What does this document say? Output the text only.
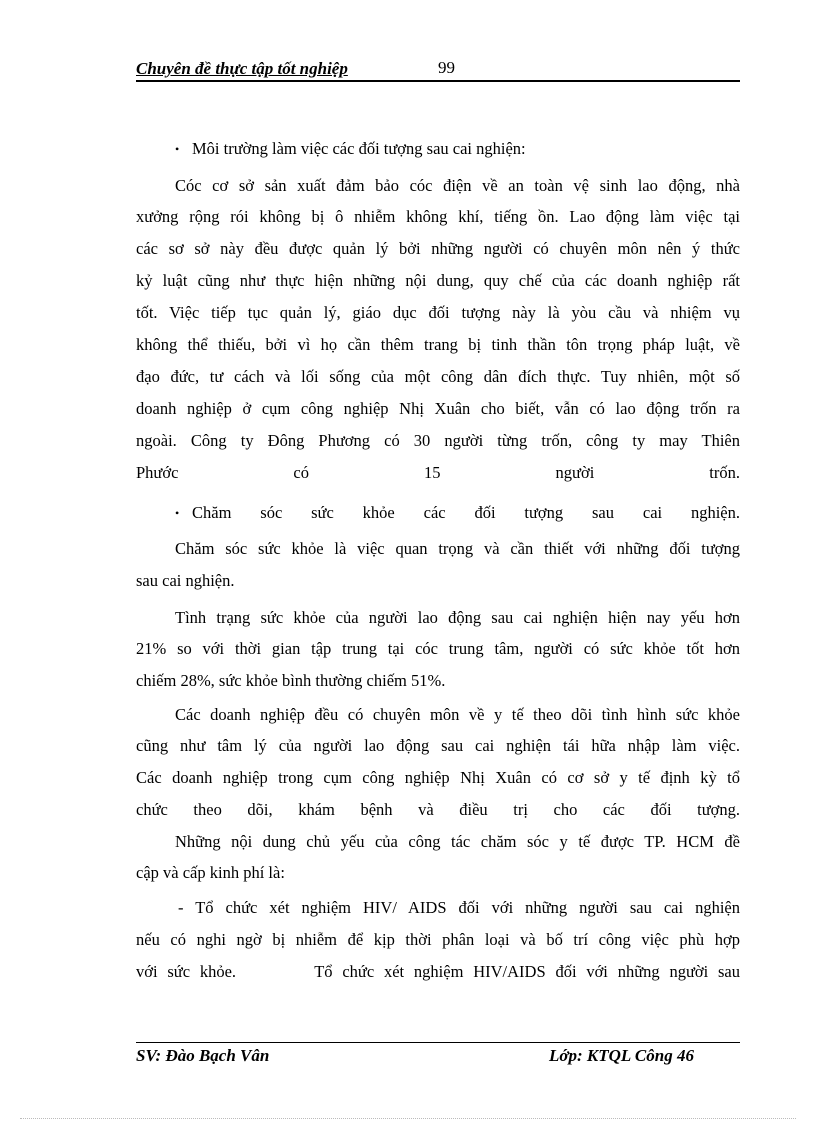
Chuyên đề thực tập tốt nghiệp	99
• Môi trường làm việc các đối tượng sau cai nghiện:
Cóc cơ sở sản xuất đảm bảo cóc điện về an toàn vệ sinh lao động, nhà
xưởng rộng rói không bị ô nhiễm không khí, tiếng ồn. Lao động làm việc tại
các sơ sở này đều được quản lý bởi những người có chuyên môn nên ý thức
kỷ luật cũng như thực hiện những nội dung, quy chế của các doanh nghiệp rất
tốt. Việc tiếp tục quản lý, giáo dục đối tượng này là yòu cầu và nhiệm vụ
không thể thiếu, bởi vì họ cần thêm trang bị tinh thần tôn trọng pháp luật, về
đạo đức, tư cách và lối sống của một công dân đích thực. Tuy nhiên, một số
doanh nghiệp ở cụm công nghiệp Nhị Xuân cho biết, vẫn có lao động trốn ra
ngoài. Công ty Đông Phương có 30 người từng trốn, công ty may Thiên
Phước có 15 người trốn.
• Chăm sóc sức khỏe các đối tượng sau cai nghiện.
Chăm sóc sức khỏe là việc quan trọng và cần thiết với những đối tượng
sau cai nghiện.
Tình trạng sức khỏe của người lao động sau cai nghiện hiện nay yếu hơn
21% so với thời gian tập trung tại cóc trung tâm, người có sức khỏe tốt hơn
chiếm 28%, sức khỏe bình thường chiếm 51%.
Các doanh nghiệp đều có chuyên môn về y tế theo dõi tình hình sức khỏe
cũng như tâm lý của người lao động sau cai nghiện tái hữa nhập làm việc.
Các doanh nghiệp trong cụm công nghiệp Nhị Xuân có cơ sở y tế định kỳ tổ
chức theo dõi, khám bệnh và điều trị cho các đối tượng.
Những nội dung chủ yếu của công tác chăm sóc y tế được TP. HCM đề
cập và cấp kinh phí là:
- Tổ chức xét nghiệm HIV/ AIDS đối với những người sau cai nghiện
nếu có nghi ngờ bị nhiễm để kịp thời phân loại và bố trí công việc phù hợp
với sức khỏe.        Tổ chức xét nghiệm HIV/AIDS đối với những người sau
SV: Đào Bạch Vân	Lớp: KTQL Công 46
